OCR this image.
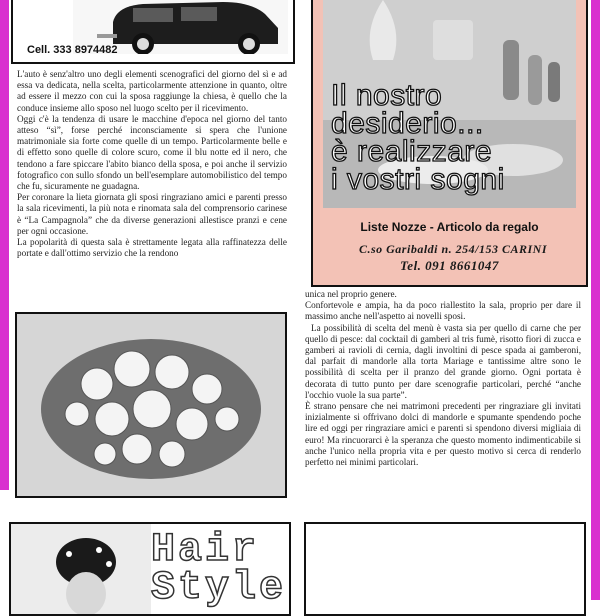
Cell. 333 8974482
Il nostro
desiderio...
è realizzare
i vostri sogni
Liste Nozze - Articolo da regalo
C.so Garibaldi n. 254/153 CARINI
Tel. 091 8661047

L'auto è senz'altro uno degli elementi scenografici del giorno del sì e ad essa va dedicata, nella scelta, particolarmente attenzione in quanto, oltre ad essere il mezzo con cui la sposa raggiunge la chiesa, è quello che la conduce insieme allo sposo nel luogo scelto per il ricevimento.

Oggi c'è la tendenza di usare le macchine d'epoca nel giorno del tanto atteso “sì”, forse perché inconsciamente si spera che l'unione matrimoniale sia forte come quelle di un tempo. Particolarmente belle e di effetto sono quelle di colore scuro, come il blu notte ed il nero, che tendono a fare spiccare l'abito bianco della sposa, e poi anche il servizio fotografico con sullo sfondo un bell'esemplare automobilistico del tempo che fu, sicuramente ne guadagna.

Per coronare la lieta giornata gli sposi ringraziano amici e parenti presso la sala ricevimenti, la più nota e rinomata sala del comprensorio carinese è “La Campagnola” che da diverse generazioni allestisce pranzi e cene per ogni occasione.

La popolarità di questa sala è strettamente legata alla raffinatezza delle portate e dall'ottimo servizio che la rendono

unica nel proprio genere.

Confortevole e ampia, ha da poco riallestito la sala, proprio per dare il massimo anche nell'aspetto ai novelli sposi.

La possibilità di scelta del menù è vasta sia per quello di carne che per quello di pesce: dal cocktail di gamberi al tris fumè, risotto fiori di zucca e gamberi ai ravioli di cernia, dagli involtini di pesce spada ai gamberoni, dal parfait di mandorle alla torta Mariage e tantissime altre sono le possibilità di scelta per il pranzo del grande giorno. Ogni portata è decorata di tutto punto per dare scenografie particolari, perché “anche l'occhio vuole la sua parte”.

È strano pensare che nei matrimoni precedenti per ringraziare gli invitati inizialmente si offrivano dolci di mandorle e spumante spendendo poche lire ed oggi per ringraziare amici e parenti si spendono diversi migliaia di euro! Ma rincuorarci è la speranza che questo momento indimenticabile si anche l'unico nella propria vita e per questo motivo si cerca di renderlo perfetto nei minimi particolari.

Hair
Style
